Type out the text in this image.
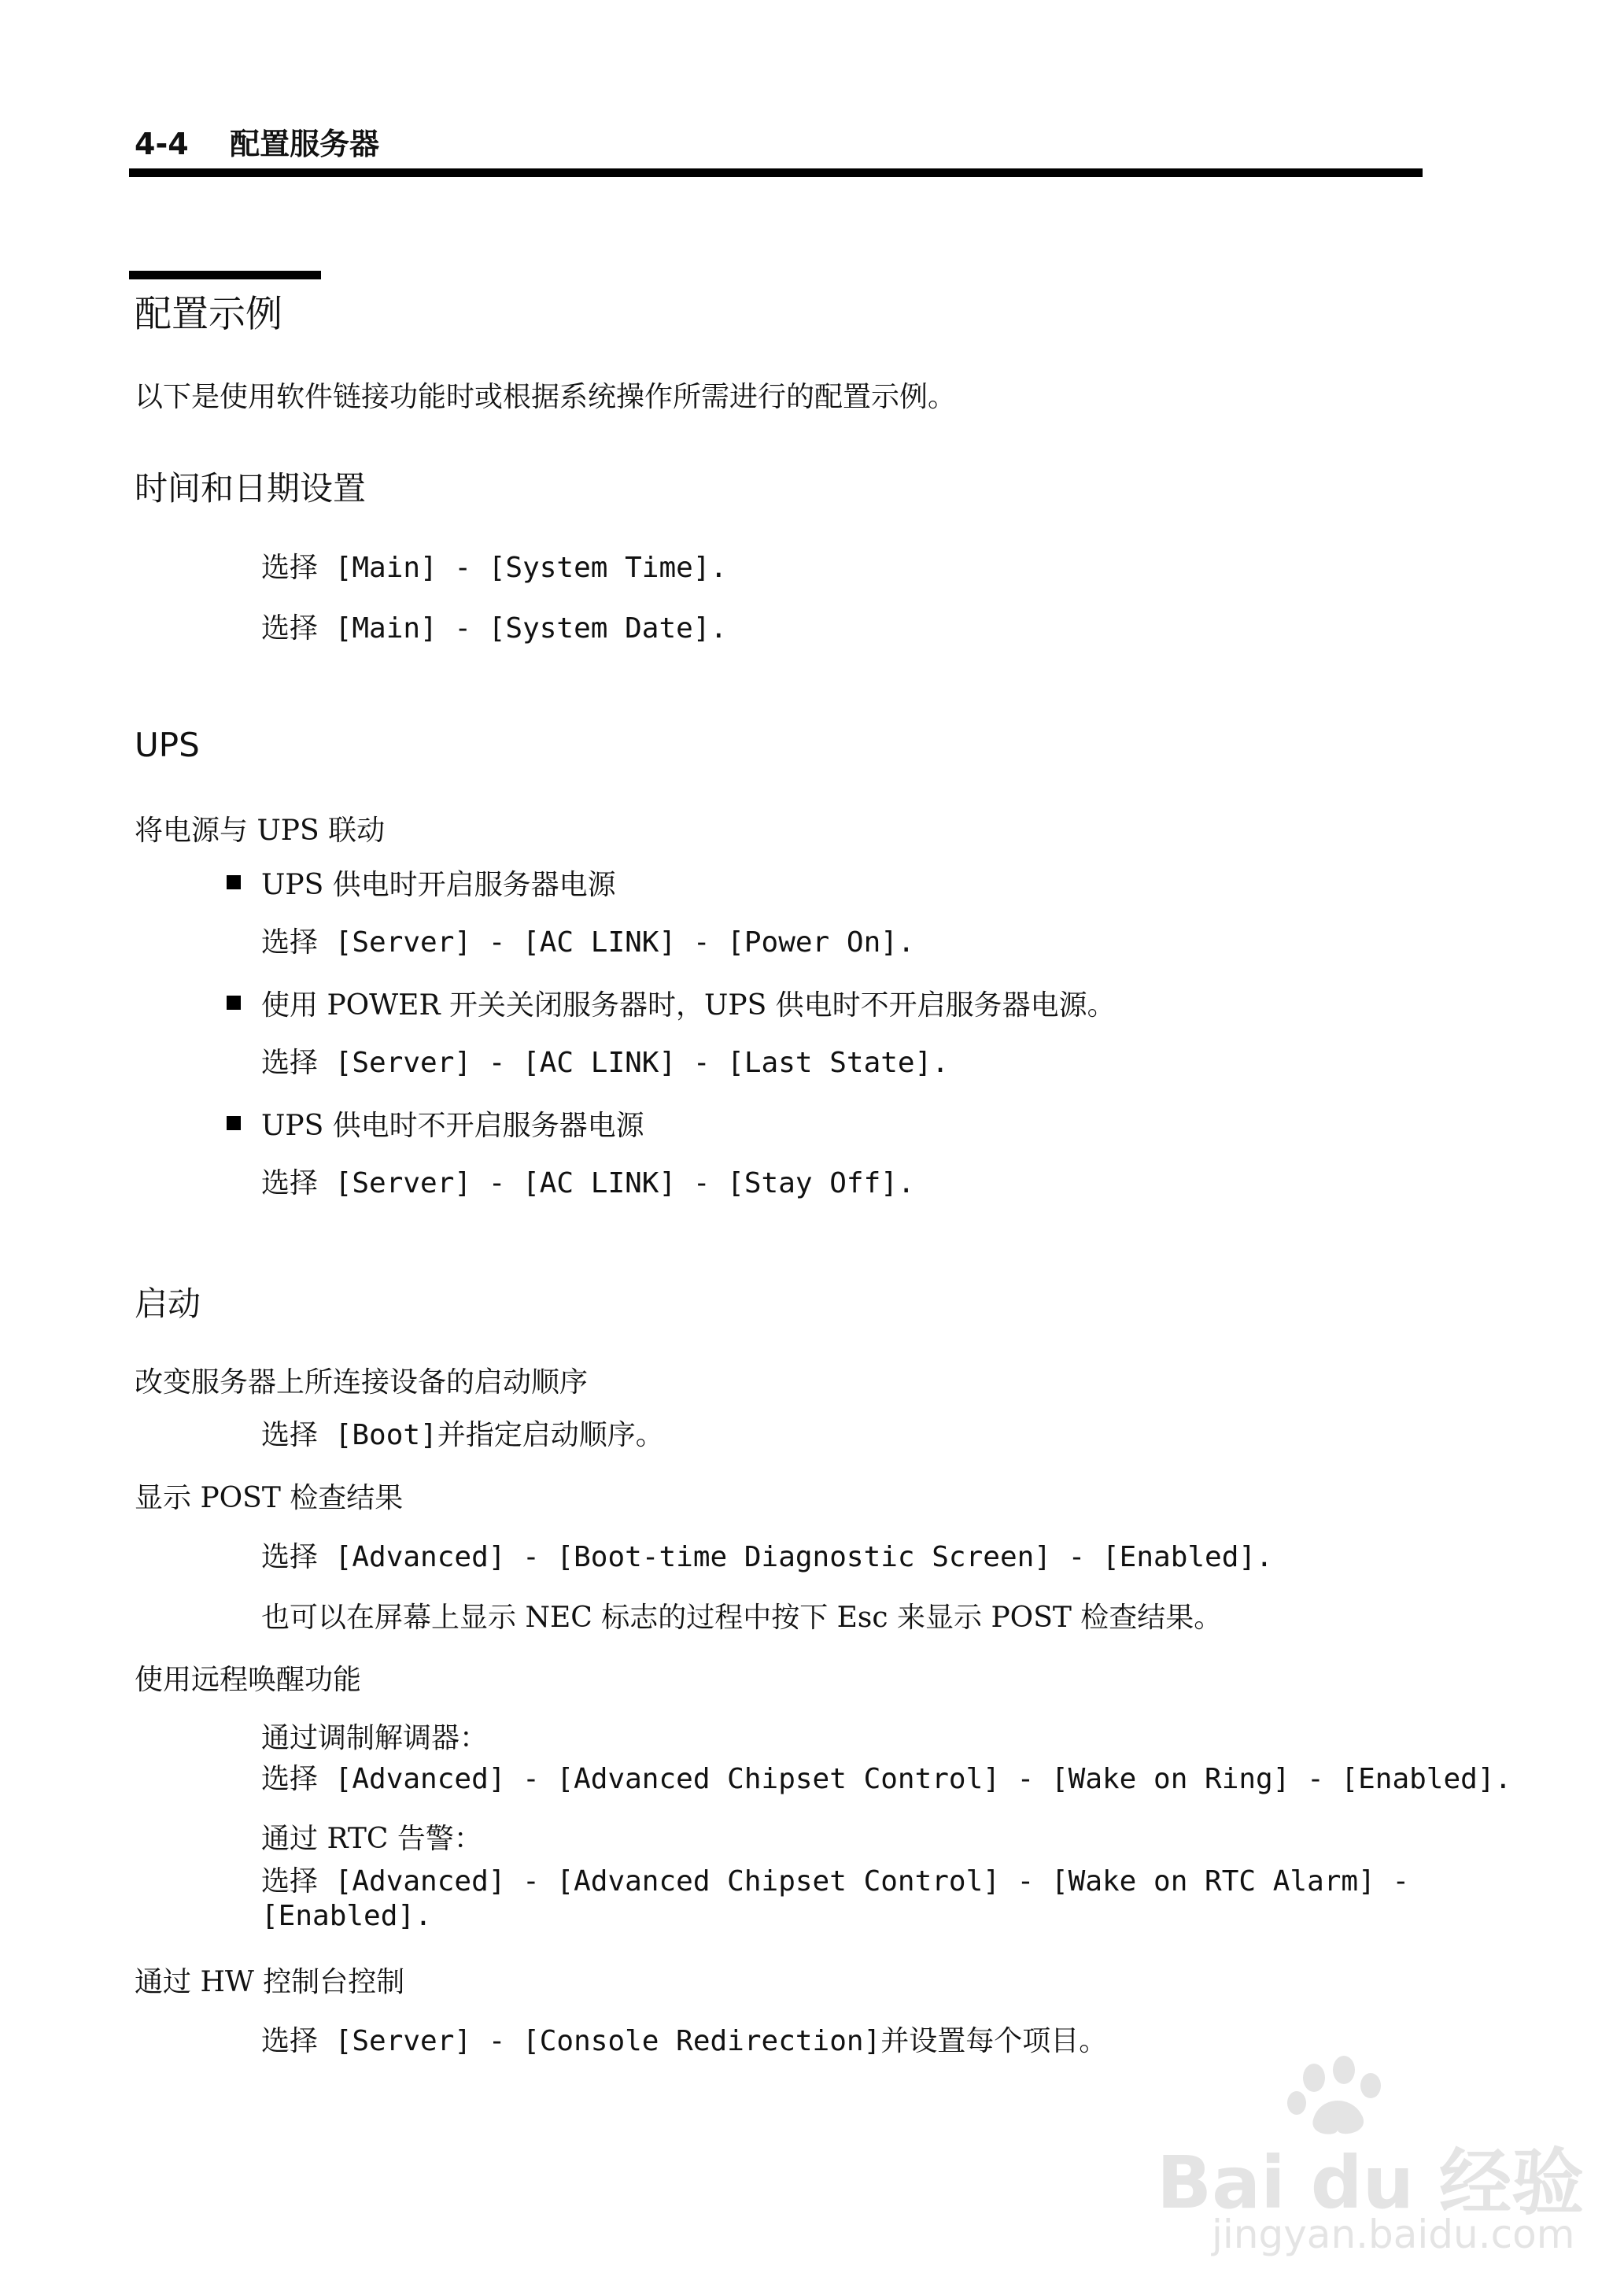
4-4 配置服务器
配置示例
以下是使用软件链接功能时或根据系统操作所需进行的配置示例。
时间和日期设置
选择 [Main] - [System Time].
选择 [Main] - [System Date].
UPS
将电源与 UPS 联动
UPS 供电时开启服务器电源
选择 [Server] - [AC LINK] - [Power On].
使用 POWER 开关关闭服务器时，UPS 供电时不开启服务器电源。
选择 [Server] - [AC LINK] - [Last State].
UPS 供电时不开启服务器电源
选择 [Server] - [AC LINK] - [Stay Off].
启动
改变服务器上所连接设备的启动顺序
选择 [Boot]并指定启动顺序。
显示 POST 检查结果
选择 [Advanced] - [Boot-time Diagnostic Screen] - [Enabled].
也可以在屏幕上显示 NEC 标志的过程中按下 Esc 来显示 POST 检查结果。
使用远程唤醒功能
通过调制解调器：
选择 [Advanced] - [Advanced Chipset Control] - [Wake on Ring] - [Enabled].
通过 RTC 告警：
选择 [Advanced] - [Advanced Chipset Control] - [Wake on RTC Alarm] -
[Enabled].
通过 HW 控制台控制
选择 [Server] - [Console Redirection]并设置每个项目。
Bai du 经验
jingyan.baidu.com
